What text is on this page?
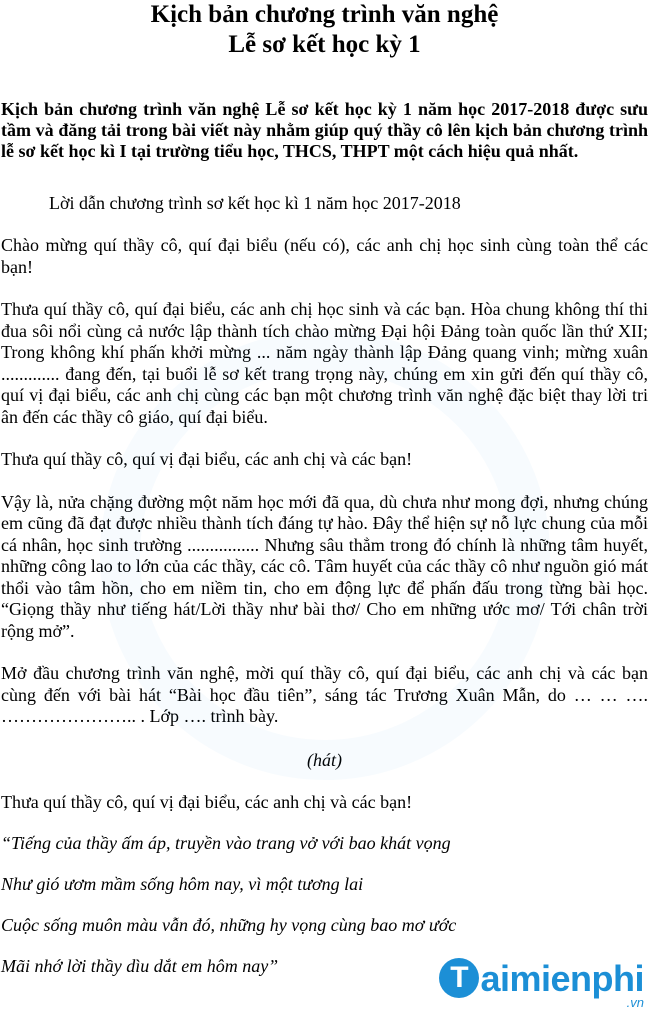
Kịch bản chương trình văn nghệ
Lễ sơ kết học kỳ 1

Kịch bản chương trình văn nghệ Lễ sơ kết học kỳ 1 năm học 2017-2018 được sưu tầm và đăng tải trong bài viết này nhằm giúp quý thầy cô lên kịch bản chương trình lễ sơ kết học kì I tại trường tiểu học, THCS, THPT một cách hiệu quả nhất.

Lời dẫn chương trình sơ kết học kì 1 năm học 2017-2018

Chào mừng quí thầy cô, quí đại biểu (nếu có), các anh chị học sinh cùng toàn thể các bạn!

Thưa quí thầy cô, quí đại biểu, các anh chị học sinh và các bạn. Hòa chung không thí thi đua sôi nổi cùng cả nước lập thành tích chào mừng Đại hội Đảng toàn quốc lần thứ XII; Trong không khí phấn khởi mừng ... năm ngày thành lập Đảng quang vinh; mừng xuân ............. đang đến, tại buổi lễ sơ kết trang trọng này, chúng em xin gửi đến quí thầy cô, quí vị đại biểu, các anh chị cùng các bạn một chương trình văn nghệ đặc biệt thay lời tri ân đến các thầy cô giáo, quí đại biểu.

Thưa quí thầy cô, quí vị đại biểu, các anh chị và các bạn!

Vậy là, nửa chặng đường một năm học mới đã qua, dù chưa như mong đợi, nhưng chúng em cũng đã đạt được nhiều thành tích đáng tự hào. Đây thể hiện sự nỗ lực chung của mỗi cá nhân, học sinh trường ................ Nhưng sâu thẳm trong đó chính là những tâm huyết, những công lao to lớn của các thầy, các cô. Tâm huyết của các thầy cô như nguồn gió mát thổi vào tâm hồn, cho em niềm tin, cho em động lực để phấn đấu trong từng bài học. “Giọng thầy như tiếng hát/Lời thầy như bài thơ/ Cho em những ước mơ/ Tới chân trời rộng mở”.

Mở đầu chương trình văn nghệ, mời quí thầy cô, quí đại biểu, các anh chị và các bạn cùng đến với bài hát “Bài học đầu tiên”, sáng tác Trương Xuân Mẫn, do … … …. ………………….. . Lớp …. trình bày.

(hát)

Thưa quí thầy cô, quí vị đại biểu, các anh chị và các bạn!

“Tiếng của thầy ấm áp, truyền vào trang vở với bao khát vọng

Như gió ươm mầm sống hôm nay, vì một tương lai

Cuộc sống muôn màu vẫn đó, những hy vọng cùng bao mơ ước

Mãi nhớ lời thầy dìu dắt em hôm nay”	T aimienphi
.vn
